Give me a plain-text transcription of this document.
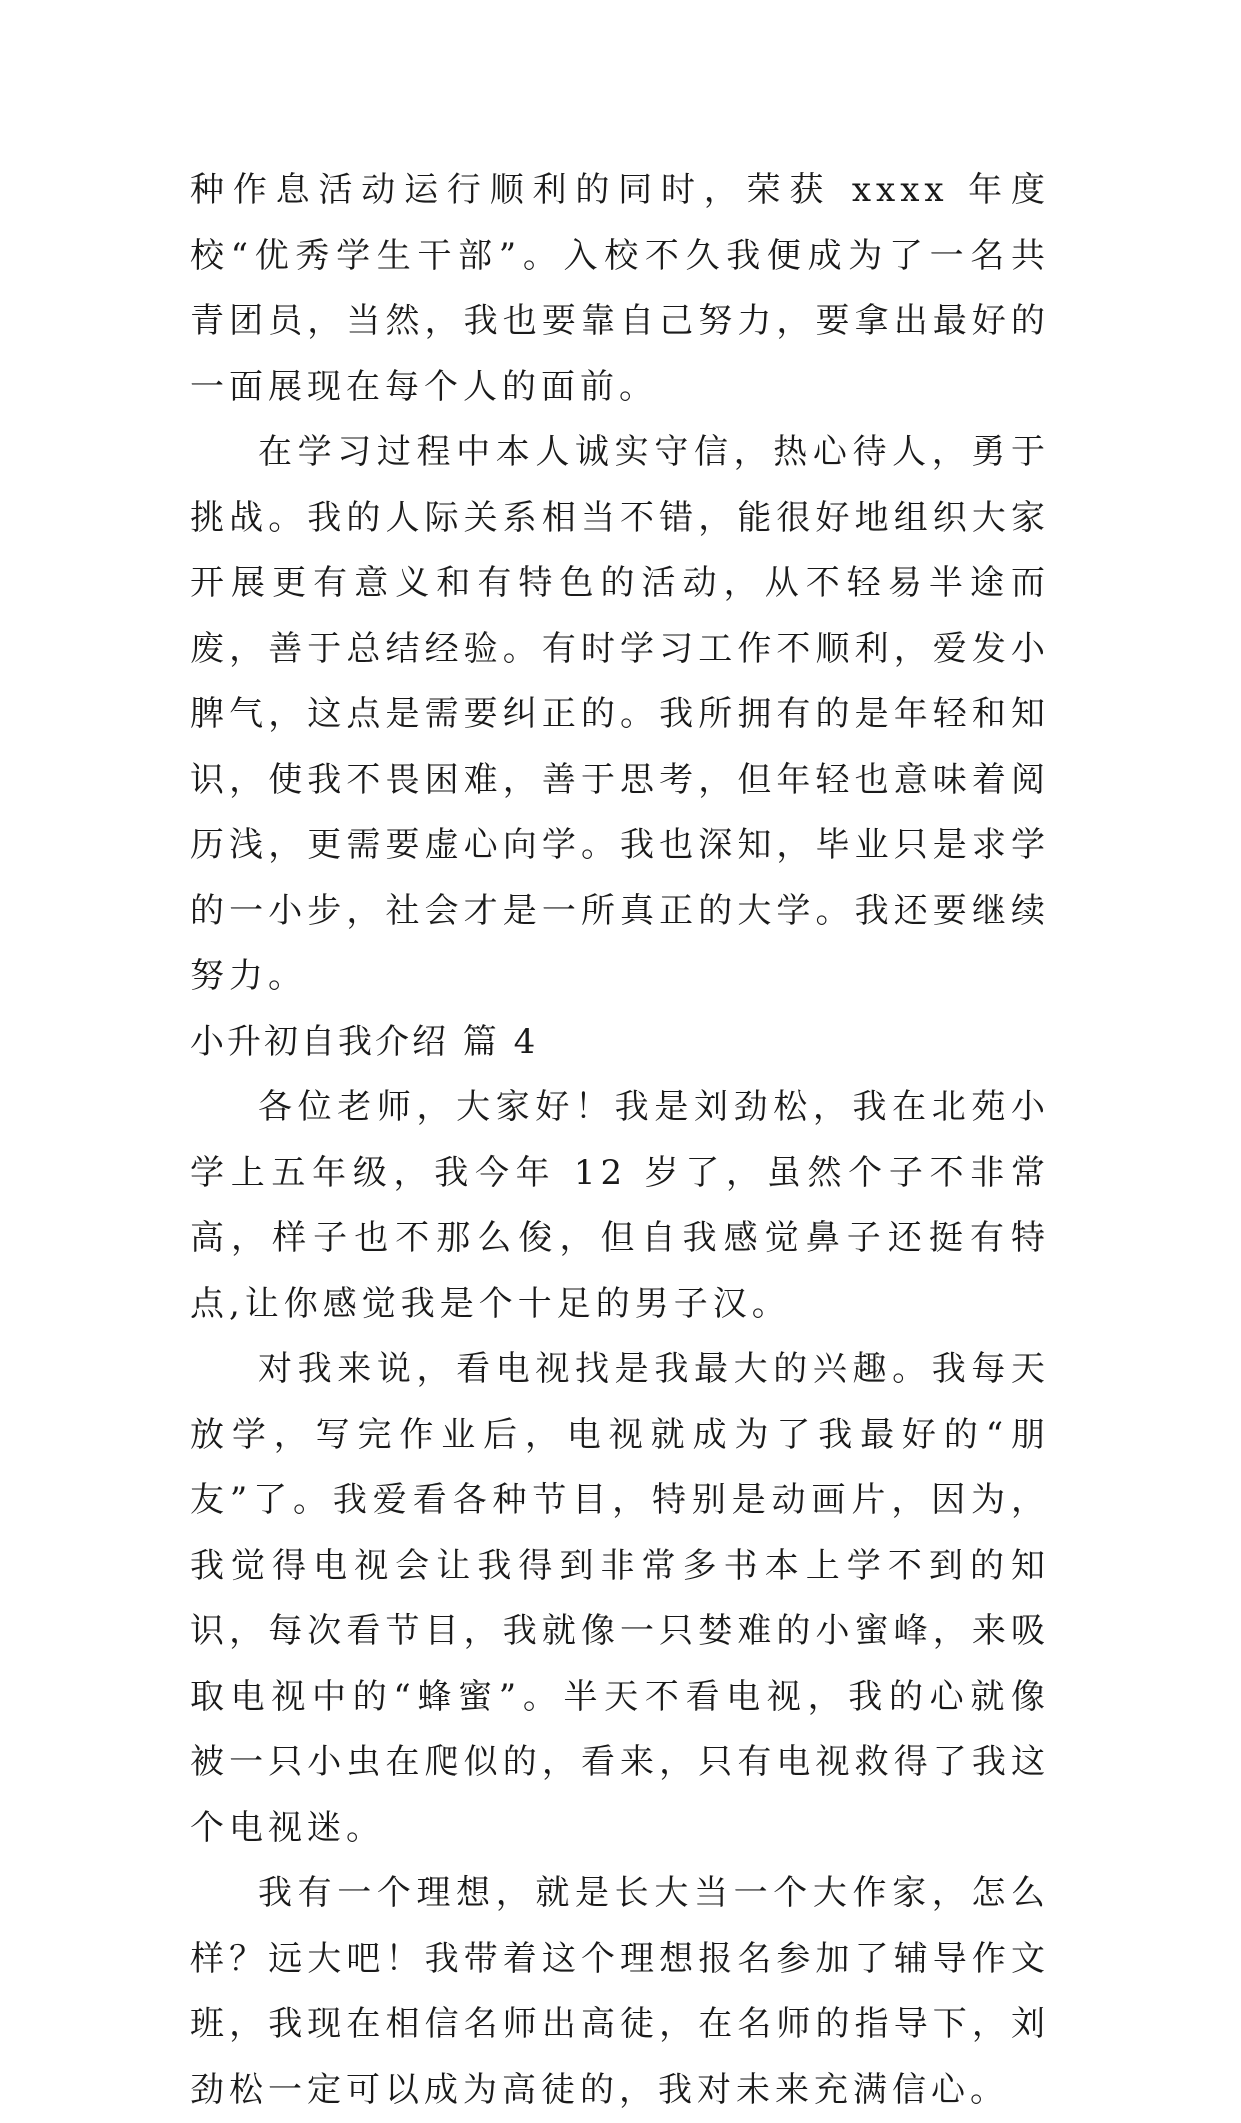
种作息活动运行顺利的同时，荣获 xxxx 年度校“优秀学生干部”。入校不久我便成为了一名共青团员，当然，我也要靠自己努力，要拿出最好的一面展现在每个人的面前。

在学习过程中本人诚实守信，热心待人，勇于挑战。我的人际关系相当不错，能很好地组织大家开展更有意义和有特色的活动，从不轻易半途而废，善于总结经验。有时学习工作不顺利，爱发小脾气，这点是需要纠正的。我所拥有的是年轻和知识，使我不畏困难，善于思考，但年轻也意味着阅历浅，更需要虚心向学。我也深知，毕业只是求学的一小步，社会才是一所真正的大学。我还要继续努力。

小升初自我介绍 篇 4

各位老师，大家好！我是刘劲松，我在北苑小学上五年级，我今年 12 岁了，虽然个子不非常高，样子也不那么俊，但自我感觉鼻子还挺有特点,让你感觉我是个十足的男子汉。

对我来说，看电视找是我最大的兴趣。我每天放学，写完作业后，电视就成为了我最好的“朋友”了。我爱看各种节目，特别是动画片，因为，我觉得电视会让我得到非常多书本上学不到的知识，每次看节目，我就像一只婪难的小蜜峰，来吸取电视中的“蜂蜜”。半天不看电视，我的心就像被一只小虫在爬似的，看来，只有电视救得了我这个电视迷。

我有一个理想，就是长大当一个大作家，怎么样？远大吧！我带着这个理想报名参加了辅导作文班，我现在相信名师出高徒，在名师的指导下，刘劲松一定可以成为高徒的，我对未来充满信心。
